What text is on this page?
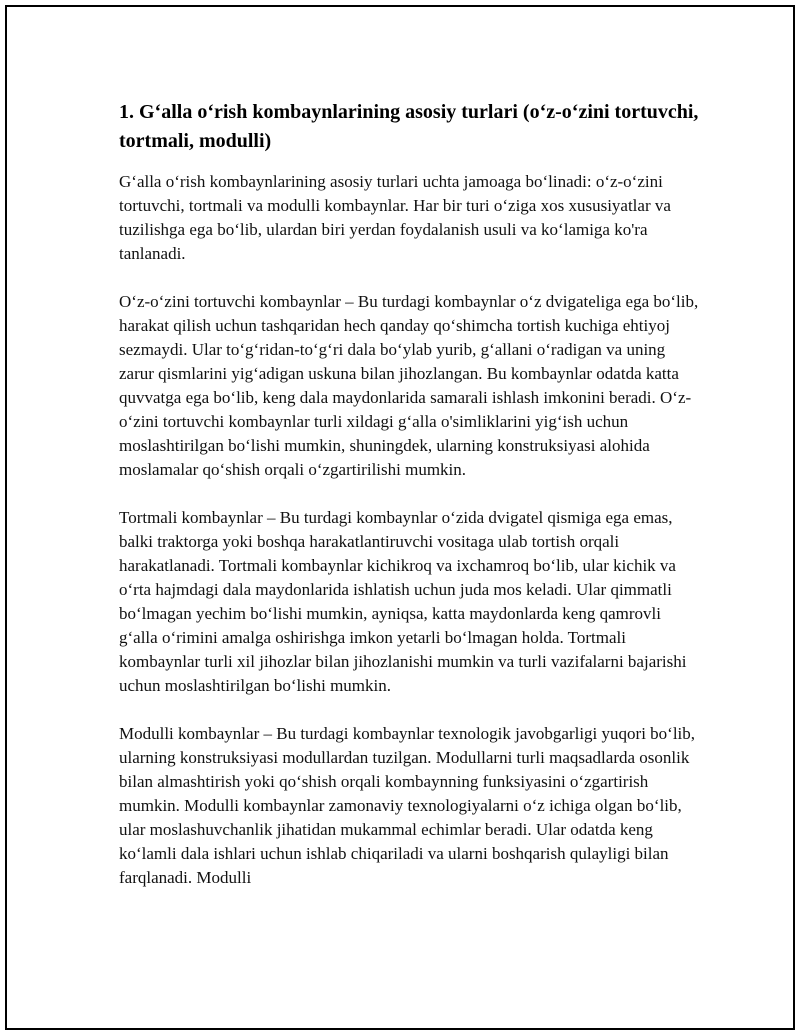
1. G‘alla o‘rish kombaynlarining asosiy turlari (o‘z-o‘zini tortuvchi, tortmali, modulli)

G‘alla o‘rish kombaynlarining asosiy turlari uchta jamoaga bo‘linadi: o‘z-o‘zini tortuvchi, tortmali va modulli kombaynlar. Har bir turi o‘ziga xos xususiyatlar va tuzilishga ega bo‘lib, ulardan biri yerdan foydalanish usuli va ko‘lamiga ko'ra tanlanadi.

O‘z-o‘zini tortuvchi kombaynlar – Bu turdagi kombaynlar o‘z dvigateliga ega bo‘lib, harakat qilish uchun tashqaridan hech qanday qo‘shimcha tortish kuchiga ehtiyoj sezmaydi. Ular to‘g‘ridan-to‘g‘ri dala bo‘ylab yurib, g‘allani o‘radigan va uning zarur qismlarini yig‘adigan uskuna bilan jihozlangan. Bu kombaynlar odatda katta quvvatga ega bo‘lib, keng dala maydonlarida samarali ishlash imkonini beradi. O‘z-o‘zini tortuvchi kombaynlar turli xildagi g‘alla o'simliklarini yig‘ish uchun moslashtirilgan bo‘lishi mumkin, shuningdek, ularning konstruksiyasi alohida moslamalar qo‘shish orqali o‘zgartirilishi mumkin.

Tortmali kombaynlar – Bu turdagi kombaynlar o‘zida dvigatel qismiga ega emas, balki traktorga yoki boshqa harakatlantiruvchi vositaga ulab tortish orqali harakatlanadi. Tortmali kombaynlar kichikroq va ixchamroq bo‘lib, ular kichik va o‘rta hajmdagi dala maydonlarida ishlatish uchun juda mos keladi. Ular qimmatli bo‘lmagan yechim bo‘lishi mumkin, ayniqsa, katta maydonlarda keng qamrovli g‘alla o‘rimini amalga oshirishga imkon yetarli bo‘lmagan holda. Tortmali kombaynlar turli xil jihozlar bilan jihozlanishi mumkin va turli vazifalarni bajarishi uchun moslashtirilgan bo‘lishi mumkin.

Modulli kombaynlar – Bu turdagi kombaynlar texnologik javobgarligi yuqori bo‘lib, ularning konstruksiyasi modullardan tuzilgan. Modullarni turli maqsadlarda osonlik bilan almashtirish yoki qo‘shish orqali kombaynning funksiyasini o‘zgartirish mumkin. Modulli kombaynlar zamonaviy texnologiyalarni o‘z ichiga olgan bo‘lib, ular moslashuvchanlik jihatidan mukammal echimlar beradi. Ular odatda keng ko‘lamli dala ishlari uchun ishlab chiqariladi va ularni boshqarish qulayligi bilan farqlanadi. Modulli
